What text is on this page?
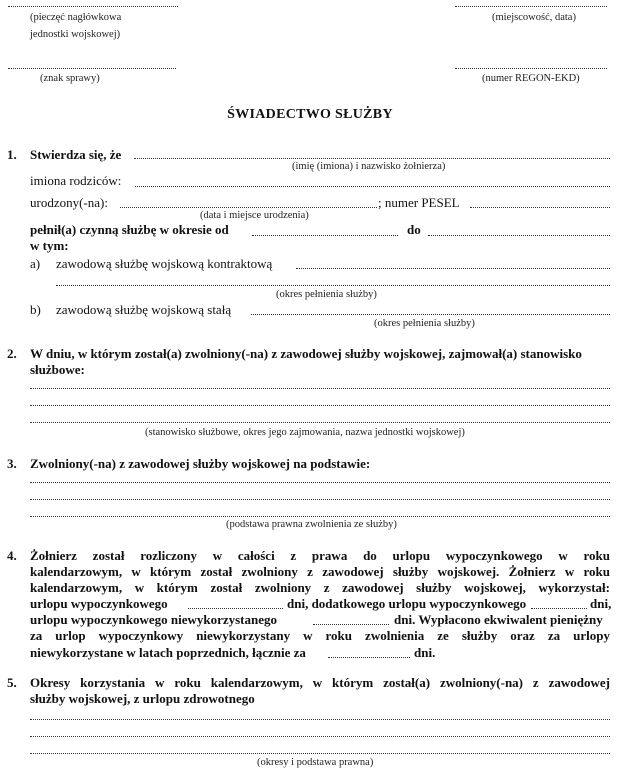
(pieczęć nagłówkowa
jednostki wojskowej)
(miejscowość, data)
(znak sprawy)	(numer REGON-EKD)
ŚWIADECTWO SŁUŻBY
1. Stwierdza się, że
(imię (imiona) i nazwisko żołnierza)
imiona rodziców:
urodzony(-na):	; numer PESEL
(data i miejsce urodzenia)
pełnił(a) czynną służbę w okresie od	do
w tym:
a) zawodową służbę wojskową kontraktową
(okres pełnienia służby)
b) zawodową służbę wojskową stałą
(okres pełnienia służby)
2. W dniu, w którym został(a) zwolniony(-na) z zawodowej służby wojskowej, zajmował(a) stanowisko
służbowe:
(stanowisko służbowe, okres jego zajmowania, nazwa jednostki wojskowej)
3. Zwolniony(-na) z zawodowej służby wojskowej na podstawie:
(podstawa prawna zwolnienia ze służby)
4. Żołnierz został rozliczony w całości z prawa do urlopu wypoczynkowego w roku
kalendarzowym, w którym został zwolniony z zawodowej służby wojskowej. Żołnierz w roku
kalendarzowym, w którym został zwolniony z zawodowej służby wojskowej, wykorzystał:
urlopu wypoczynkowego	dni, dodatkowego urlopu wypoczynkowego	dni,
urlopu wypoczynkowego niewykorzystanego	dni. Wypłacono ekwiwalent pieniężny
za urlop wypoczynkowy niewykorzystany w roku zwolnienia ze służby oraz za urlopy
niewykorzystane w latach poprzednich, łącznie za	dni.
5. Okresy korzystania w roku kalendarzowym, w którym został(a) zwolniony(-na) z zawodowej
służby wojskowej, z urlopu zdrowotnego
(okresy i podstawa prawna)
